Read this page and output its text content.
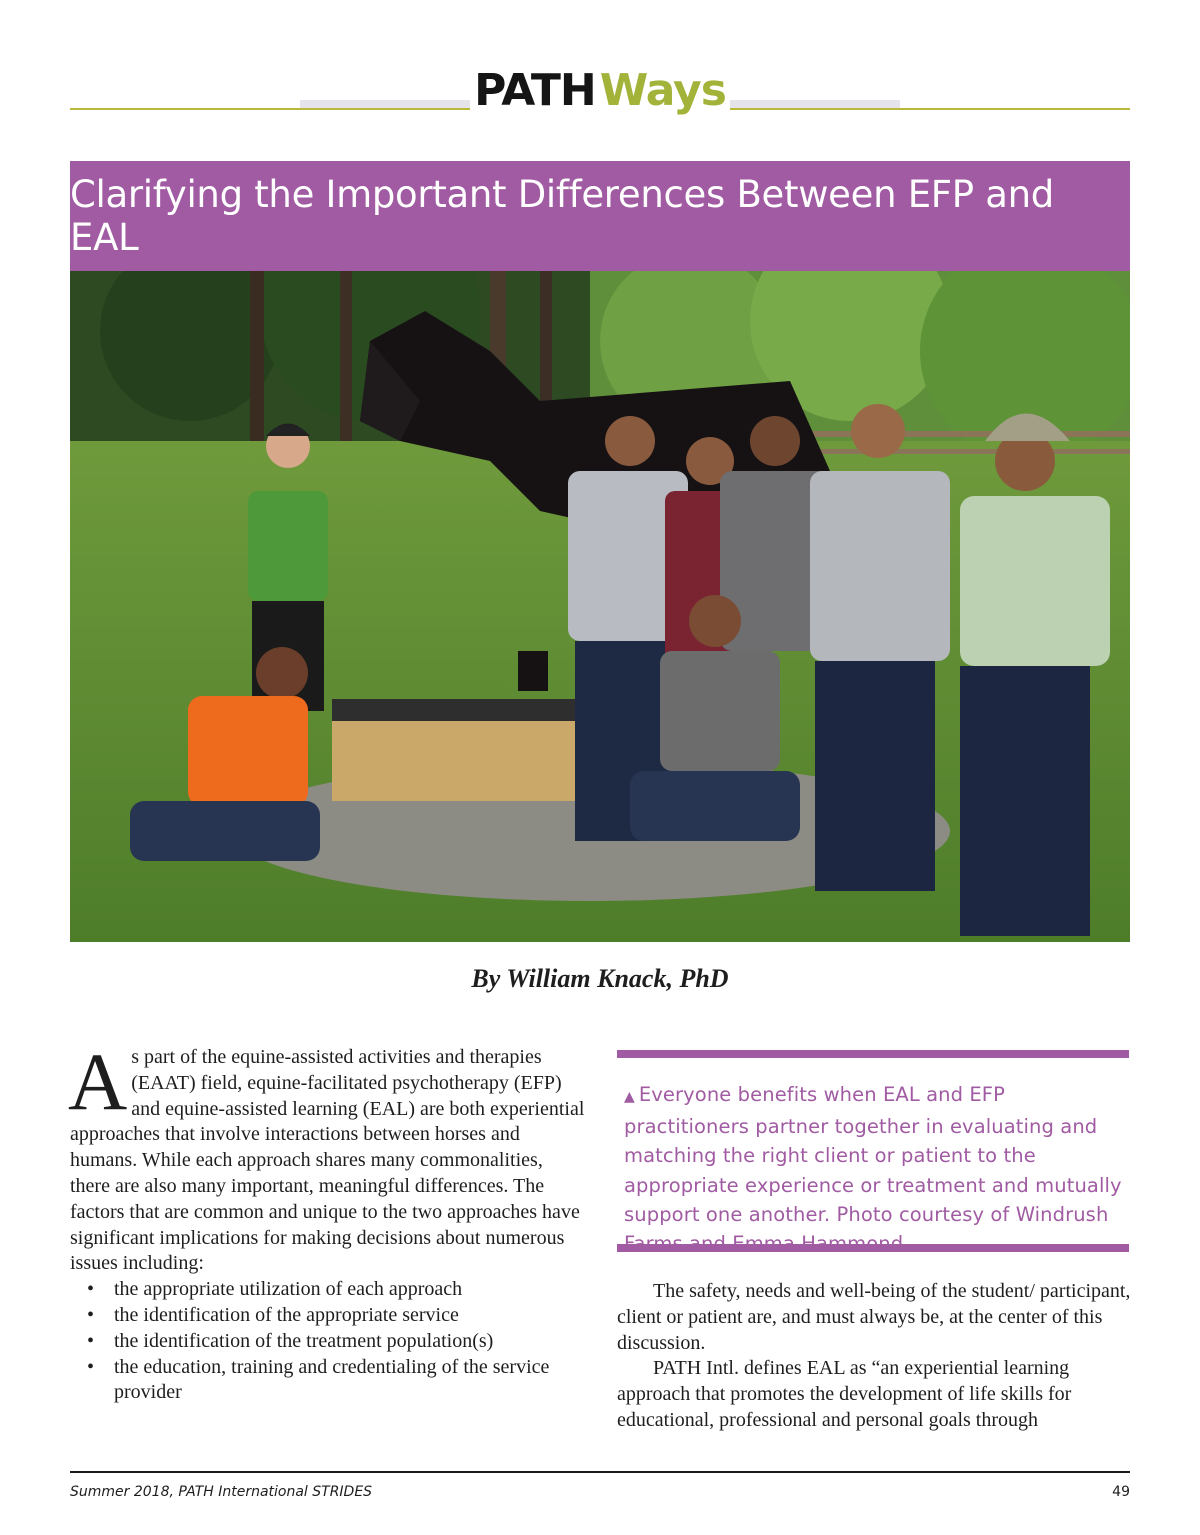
PATHWays
Clarifying the Important Differences Between EFP and EAL
By William Knack, PhD

As part of the equine-assisted activities and therapies (EAAT) field, equine-facilitated psychotherapy (EFP) and equine-assisted learning (EAL) are both experiential approaches that involve interactions between horses and humans. While each approach shares many commonalities, there are also many important, meaningful differences. The factors that are common and unique to the two approaches have significant implications for making decisions about numerous issues including:

• the appropriate utilization of each approach
• the identification of the appropriate service
• the identification of the treatment population(s)
• the education, training and credentialing of the service provider
▲ Everyone benefits when EAL and EFP practitioners partner together in evaluating and matching the right client or patient to the appropriate experience or treatment and mutually support one another. Photo courtesy of Windrush

The safety, needs and well-being of the student/ participant, client or patient are, and must always be, at the center of this discussion.

PATH Intl. defines EAL as “an experiential learning approach that promotes the development of life skills for educational, professional and personal goals through

Summer 2018, PATH International STRIDES	49
